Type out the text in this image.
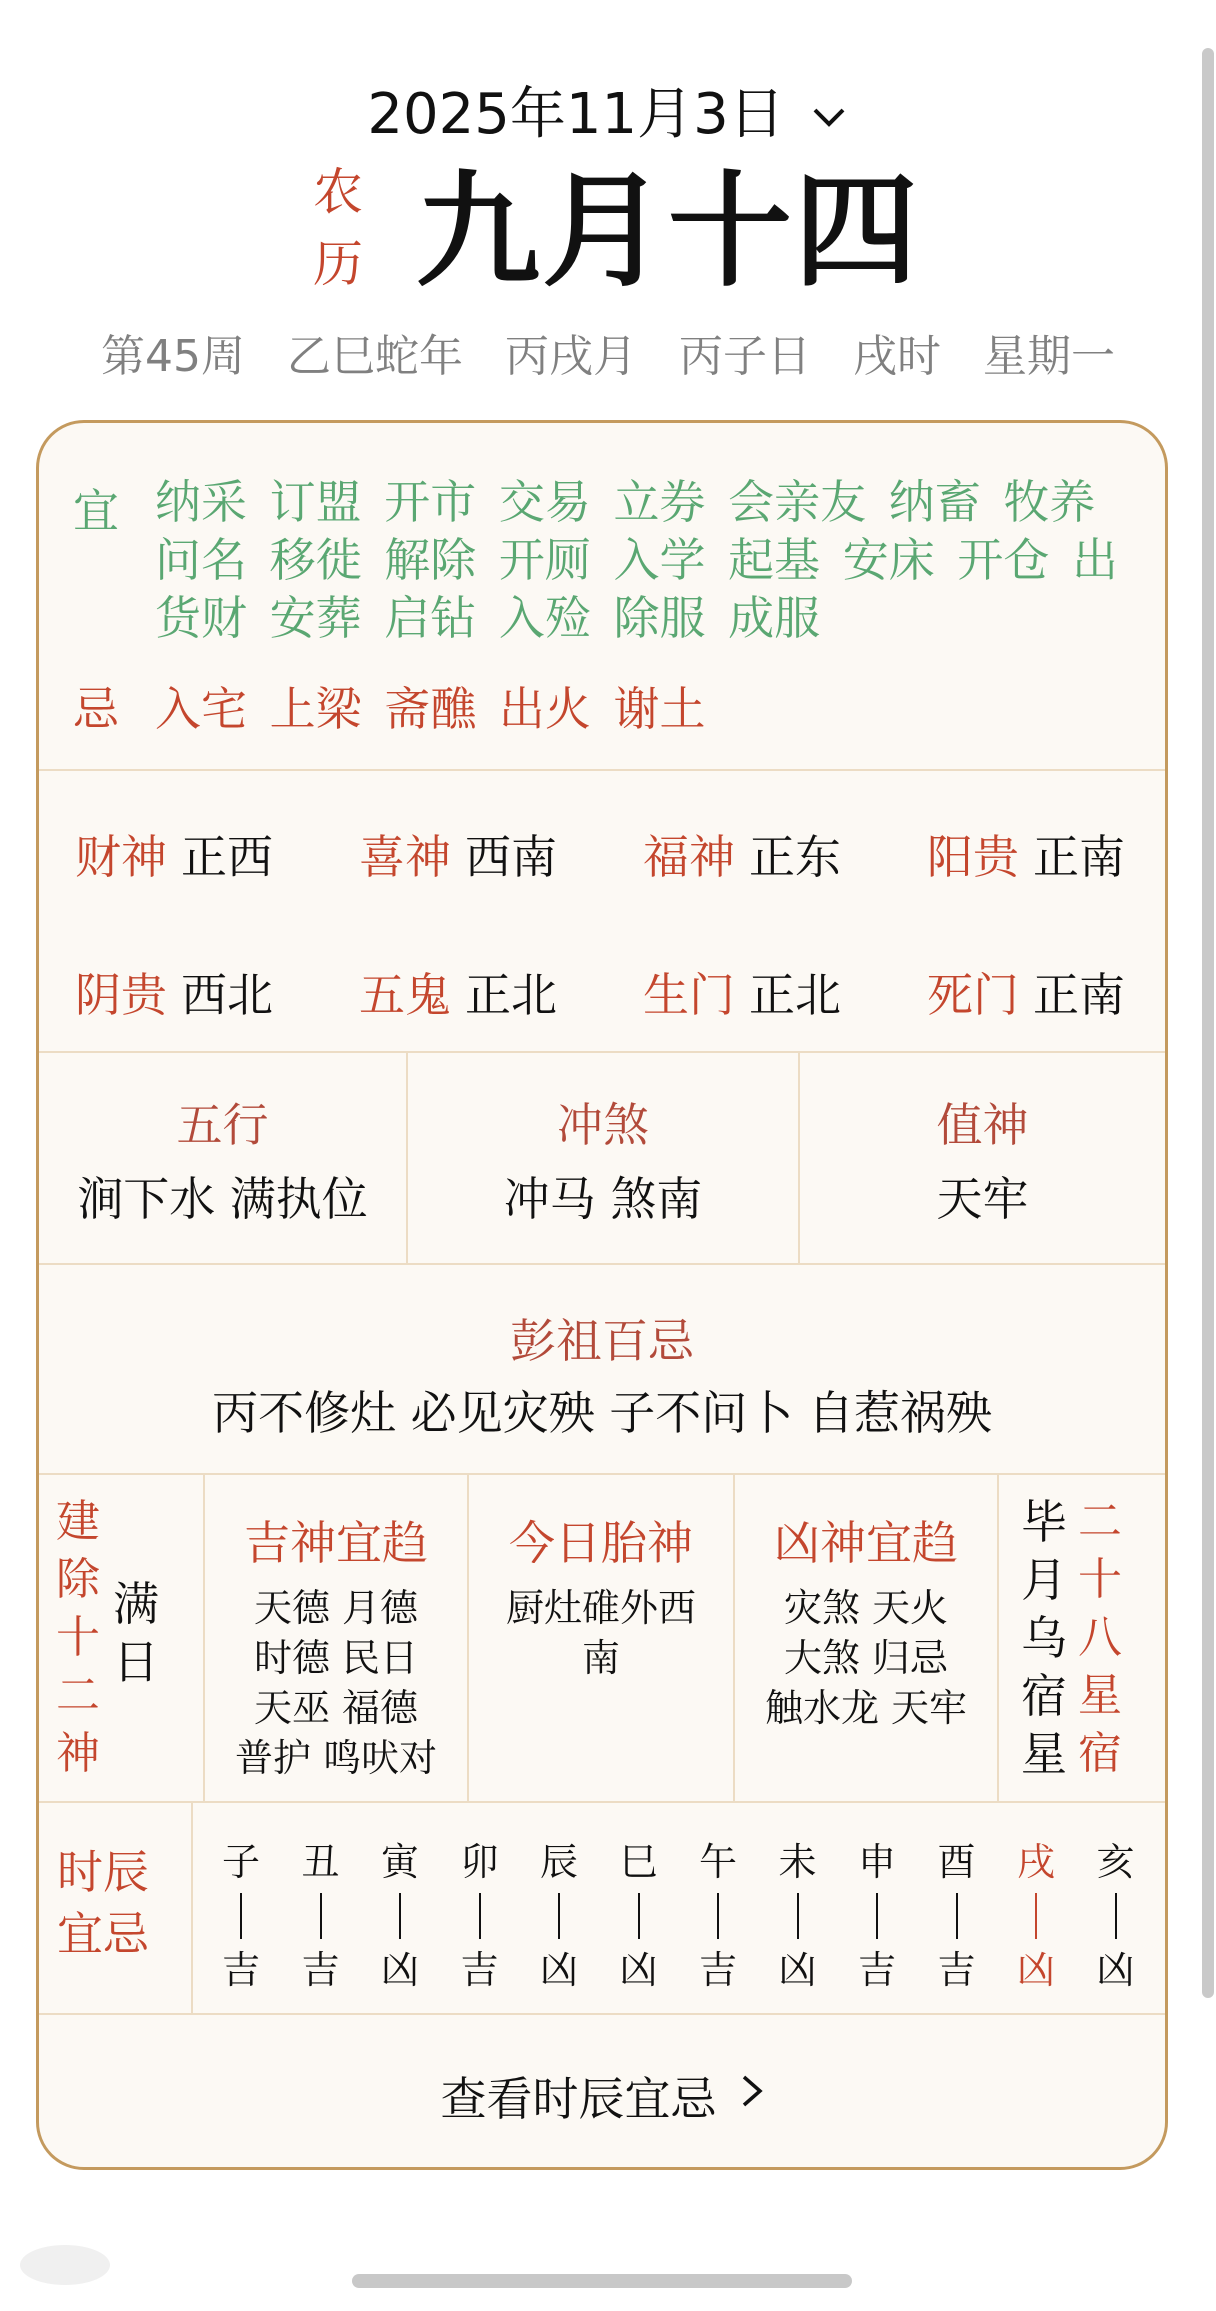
2025年11月3日
农
历 九月十四
第45周 乙巳蛇年 丙戌月 丙子日 戌时 星期一
宜 纳采 订盟 开市 交易 立券 会亲友 纳畜 牧养 问名 移徙 解除 开厕 入学 起基 安床 开仓 出货财 安葬 启钻 入殓 除服 成服
忌 入宅 上梁 斋醮 出火 谢土
财神 正西 喜神 西南 福神 正东 阳贵 正南
阴贵 西北 五鬼 正北 生门 正北 死门 正南
五行
涧下水 满执位
冲煞
冲马 煞南
值神
天牢
彭祖百忌
丙不修灶 必见灾殃 子不问卜 自惹祸殃
建
除
十
二
神
满
日
吉神宜趋
天德 月德
时德 民日
天巫 福德
普护 鸣吠对
今日胎神
厨灶碓外西
南
凶神宜趋
灾煞 天火
大煞 归忌
触水龙 天牢
毕
月
乌
宿
星
二
十
八
星
宿
时辰
宜忌
子
吉
丑
吉
寅
凶
卯
吉
辰
凶
巳
凶
午
吉
未
凶
申
吉
酉
吉
戌
凶
亥
凶
查看时辰宜忌
